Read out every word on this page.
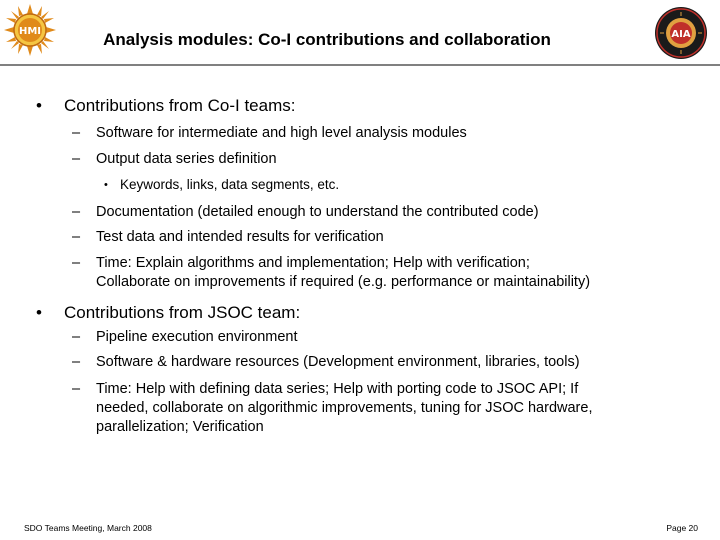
HMI	AIA
Analysis modules: Co-I contributions and collaboration
• Contributions from Co-I teams:
– Software for intermediate and high level analysis modules
– Output data series definition
• Keywords, links, data segments, etc.
– Documentation (detailed enough to understand the contributed code)
– Test data and intended results for verification
– Time: Explain algorithms and implementation; Help with verification;
Collaborate on improvements if required (e.g. performance or maintainability)
• Contributions from JSOC team:
– Pipeline execution environment
– Software & hardware resources (Development environment, libraries, tools)
– Time: Help with defining data series; Help with porting code to JSOC API; If
needed, collaborate on algorithmic improvements, tuning for JSOC hardware,
parallelization; Verification
SDO Teams Meeting, March 2008	Page 20
